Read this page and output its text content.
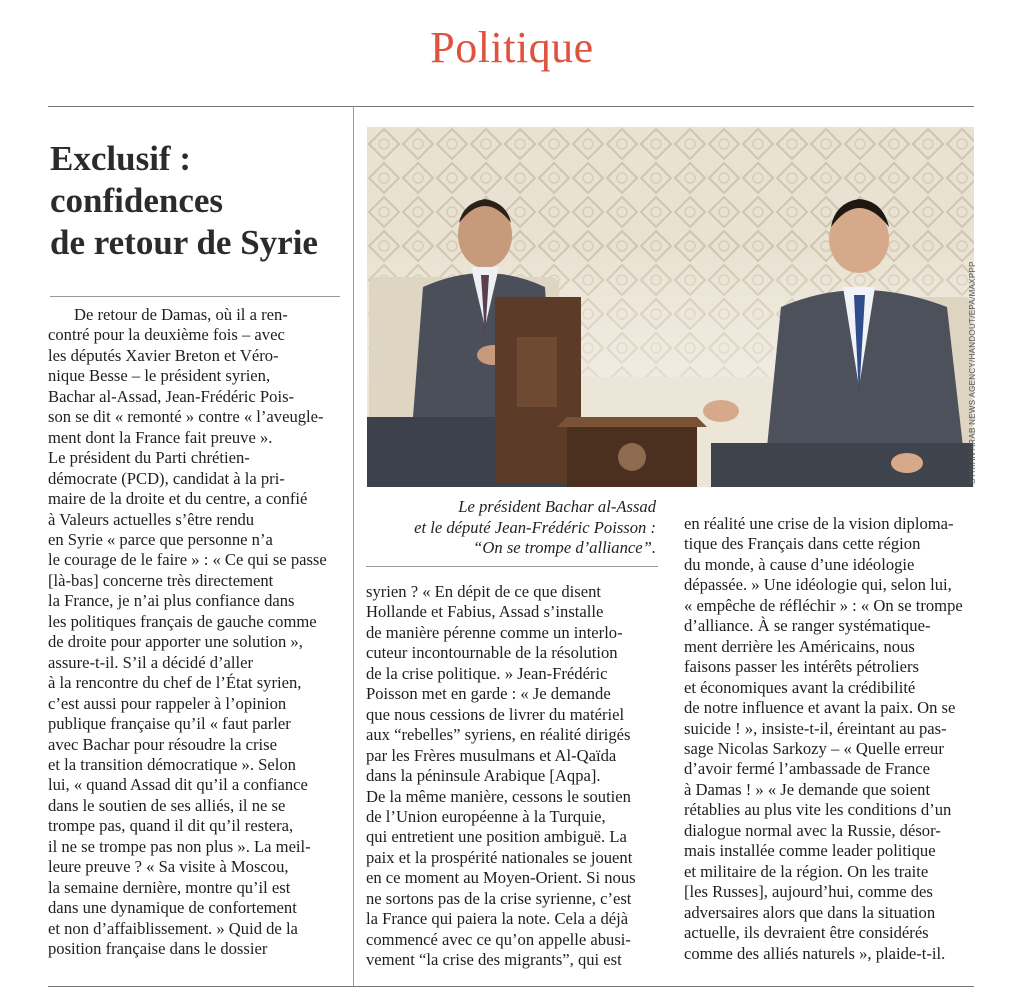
Politique
Exclusif :
confidences
de retour de Syrie
De retour de Damas, où il a ren-
contré pour la deuxième fois – avec
les députés Xavier Breton et Véro-
nique Besse – le président syrien,
Bachar al-Assad, Jean-Frédéric Pois-
son se dit « remonté » contre « l’aveugle-
ment dont la France fait preuve ».
Le président du Parti chrétien-
démocrate (PCD), candidat à la pri-
maire de la droite et du centre, a confié
à Valeurs actuelles s’être rendu
en Syrie « parce que personne n’a
le courage de le faire » : « Ce qui se passe
[là-bas] concerne très directement
la France, je n’ai plus confiance dans
les politiques français de gauche comme
de droite pour apporter une solution »,
assure-t-il. S’il a décidé d’aller
à la rencontre du chef de l’État syrien,
c’est aussi pour rappeler à l’opinion
publique française qu’il « faut parler
avec Bachar pour résoudre la crise
et la transition démocratique ». Selon
lui, « quand Assad dit qu’il a confiance
dans le soutien de ses alliés, il ne se
trompe pas, quand il dit qu’il restera,
il ne se trompe pas non plus ». La meil-
leure preuve ? « Sa visite à Moscou,
la semaine dernière, montre qu’il est
dans une dynamique de confortement
et non d’affaiblissement. » Quid de la
position française dans le dossier
SYRIAN ARAB NEWS AGENCY/HANDOUT/EPA/MAXPPP
Le président Bachar al-Assad
et le député Jean-Frédéric Poisson :
“On se trompe d’alliance”.
syrien ? « En dépit de ce que disent
Hollande et Fabius, Assad s’installe
de manière pérenne comme un interlo-
cuteur incontournable de la résolution
de la crise politique. » Jean-Frédéric
Poisson met en garde : « Je demande
que nous cessions de livrer du matériel
aux “rebelles” syriens, en réalité dirigés
par les Frères musulmans et Al-Qaïda
dans la péninsule Arabique [Aqpa].
De la même manière, cessons le soutien
de l’Union européenne à la Turquie,
qui entretient une position ambiguë. La
paix et la prospérité nationales se jouent
en ce moment au Moyen-Orient. Si nous
ne sortons pas de la crise syrienne, c’est
la France qui paiera la note. Cela a déjà
commencé avec ce qu’on appelle abusi-
vement “la crise des migrants”, qui est
en réalité une crise de la vision diploma-
tique des Français dans cette région
du monde, à cause d’une idéologie
dépassée. » Une idéologie qui, selon lui,
« empêche de réfléchir » : « On se trompe
d’alliance. À se ranger systématique-
ment derrière les Américains, nous
faisons passer les intérêts pétroliers
et économiques avant la crédibilité
de notre influence et avant la paix. On se
suicide ! », insiste-t-il, éreintant au pas-
sage Nicolas Sarkozy – « Quelle erreur
d’avoir fermé l’ambassade de France
à Damas ! » « Je demande que soient
rétablies au plus vite les conditions d’un
dialogue normal avec la Russie, désor-
mais installée comme leader politique
et militaire de la région. On les traite
[les Russes], aujourd’hui, comme des
adversaires alors que dans la situation
actuelle, ils devraient être considérés
comme des alliés naturels », plaide-t-il.
